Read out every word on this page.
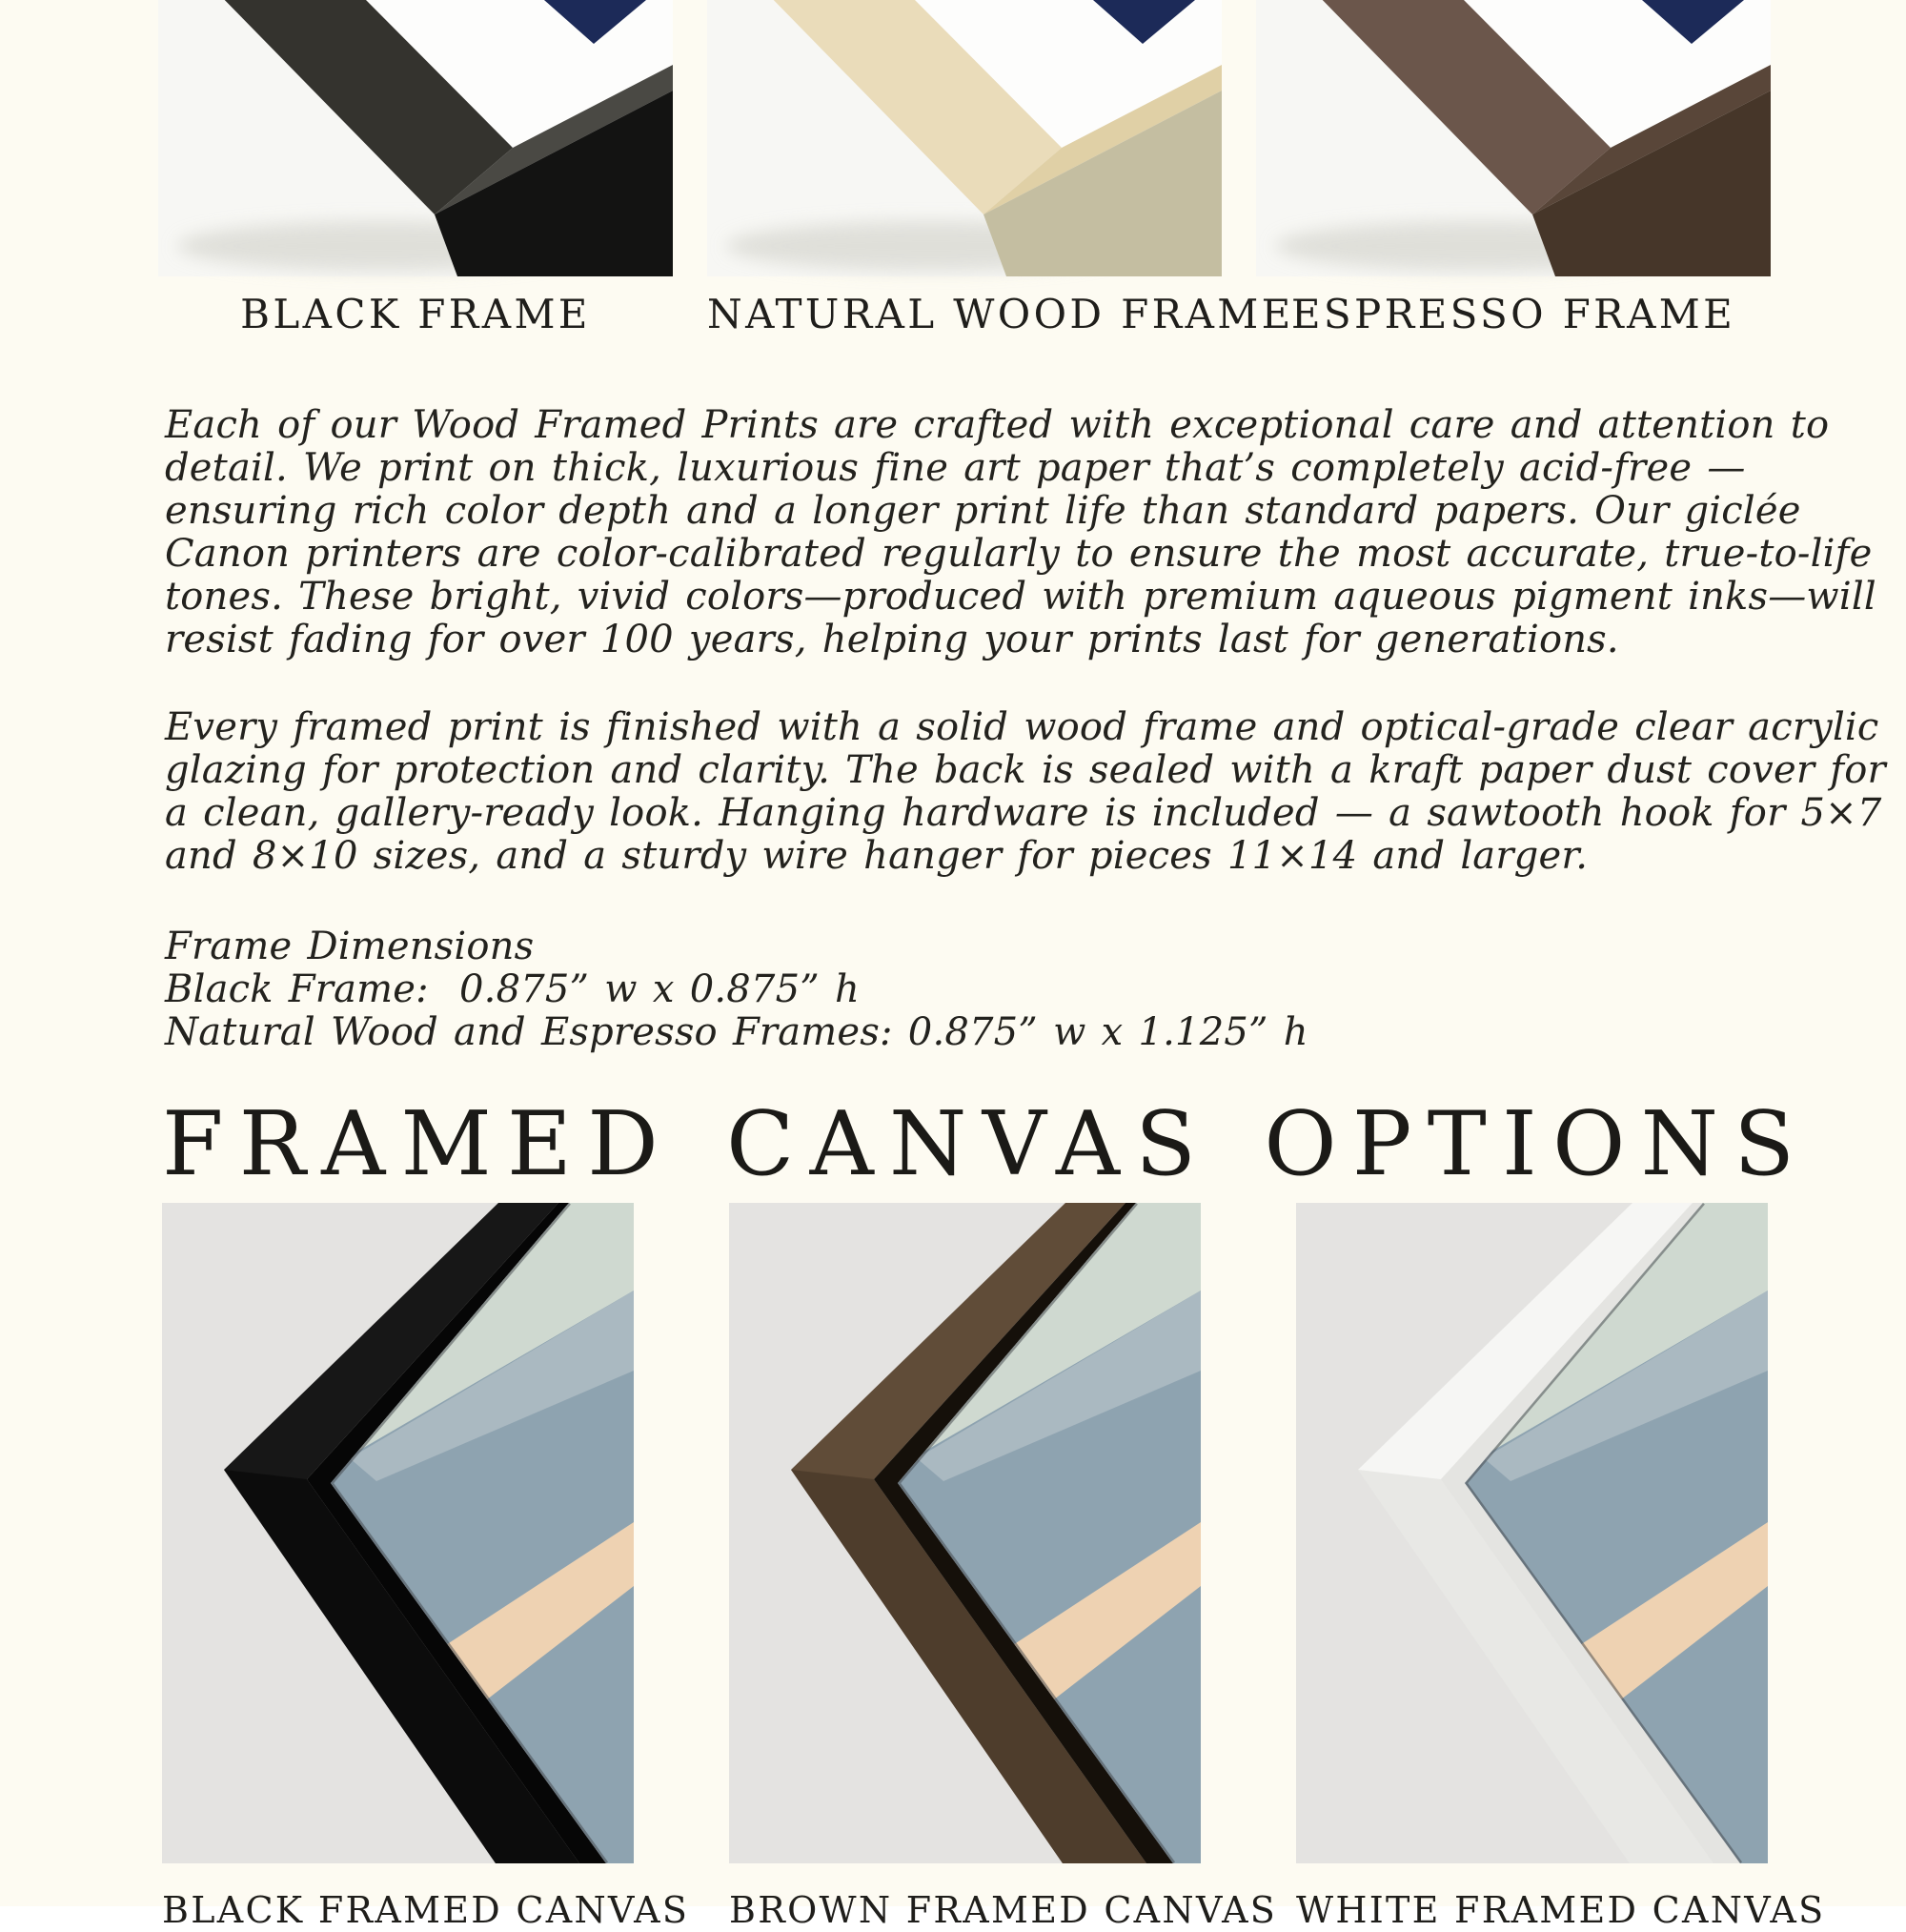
BLACK FRAME	NATURAL WOOD FRAME
ESPRESSO FRAME
Each of our Wood Framed Prints are crafted with exceptional care and attention to
detail. We print on thick, luxurious fine art paper that’s completely acid-free —
ensuring rich color depth and a longer print life than standard papers. Our giclée
Canon printers are color-calibrated regularly to ensure the most accurate, true-to-life
tones. These bright, vivid colors—produced with premium aqueous pigment inks—will
resist fading for over 100 years, helping your prints last for generations.
Every framed print is finished with a solid wood frame and optical-grade clear acrylic
glazing for protection and clarity. The back is sealed with a kraft paper dust cover for
a clean, gallery-ready look. Hanging hardware is included — a sawtooth hook for 5×7
and 8×10 sizes, and a sturdy wire hanger for pieces 11×14 and larger.
Frame Dimensions
Black Frame:  0.875” w x 0.875” h
Natural Wood and Espresso Frames: 0.875” w x 1.125” h
FRAMED CANVAS OPTIONS
BLACK FRAMED CANVAS BROWN FRAMED CANVAS WHITE FRAMED CANVAS
